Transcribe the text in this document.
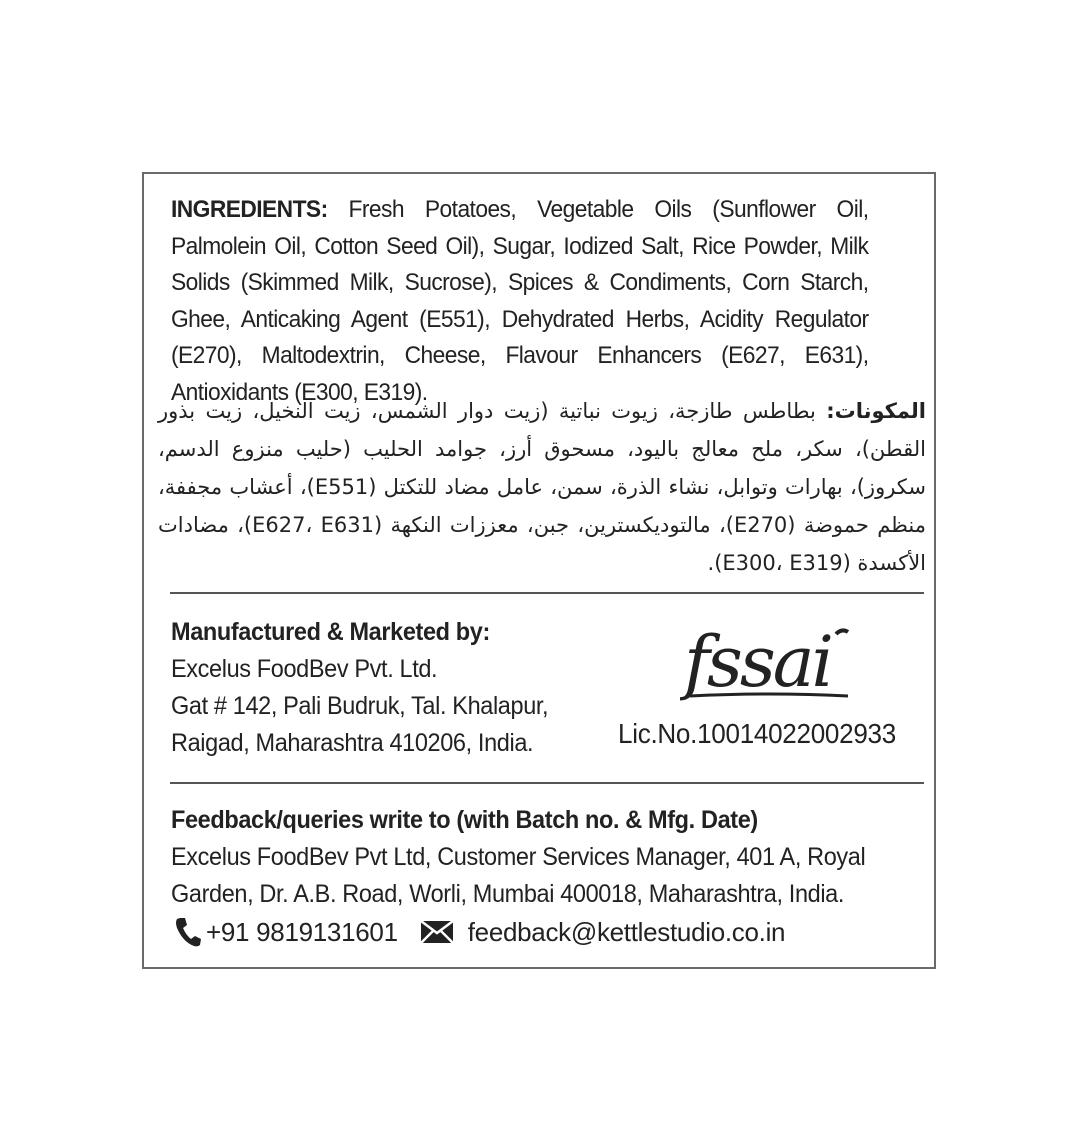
INGREDIENTS: Fresh Potatoes, Vegetable Oils (Sunflower Oil, Palmolein Oil, Cotton Seed Oil), Sugar, Iodized Salt, Rice Powder, Milk Solids (Skimmed Milk, Sucrose), Spices & Condiments, Corn Starch, Ghee, Anticaking Agent (E551), Dehydrated Herbs, Acidity Regulator (E270), Maltodextrin, Cheese, Flavour Enhancers (E627, E631), Antioxidants (E300, E319).
المكونات: بطاطس طازجة، زيوت نباتية (زيت دوار الشمس، زيت النخيل، زيت بذور القطن)، سكر، ملح معالج باليود، مسحوق أرز، جوامد الحليب (حليب منزوع الدسم، سكروز)، بهارات وتوابل، نشاء الذرة، سمن، عامل مضاد للتكتل (E551)، أعشاب مجففة، منظم حموضة (E270)، مالتوديكسترين، جبن، معززات النكهة (E627، E631)، مضادات الأكسدة (E300، E319).
Manufactured & Marketed by:
Excelus FoodBev Pvt. Ltd.
Gat # 142, Pali Budruk, Tal. Khalapur,
Raigad, Maharashtra 410206, India.
fssai
Lic.No.10014022002933
Feedback/queries write to (with Batch no. & Mfg. Date)
Excelus FoodBev Pvt Ltd, Customer Services Manager, 401 A, Royal
Garden, Dr. A.B. Road, Worli, Mumbai 400018, Maharashtra, India.
+91 9819131601	feedback@kettlestudio.co.in
